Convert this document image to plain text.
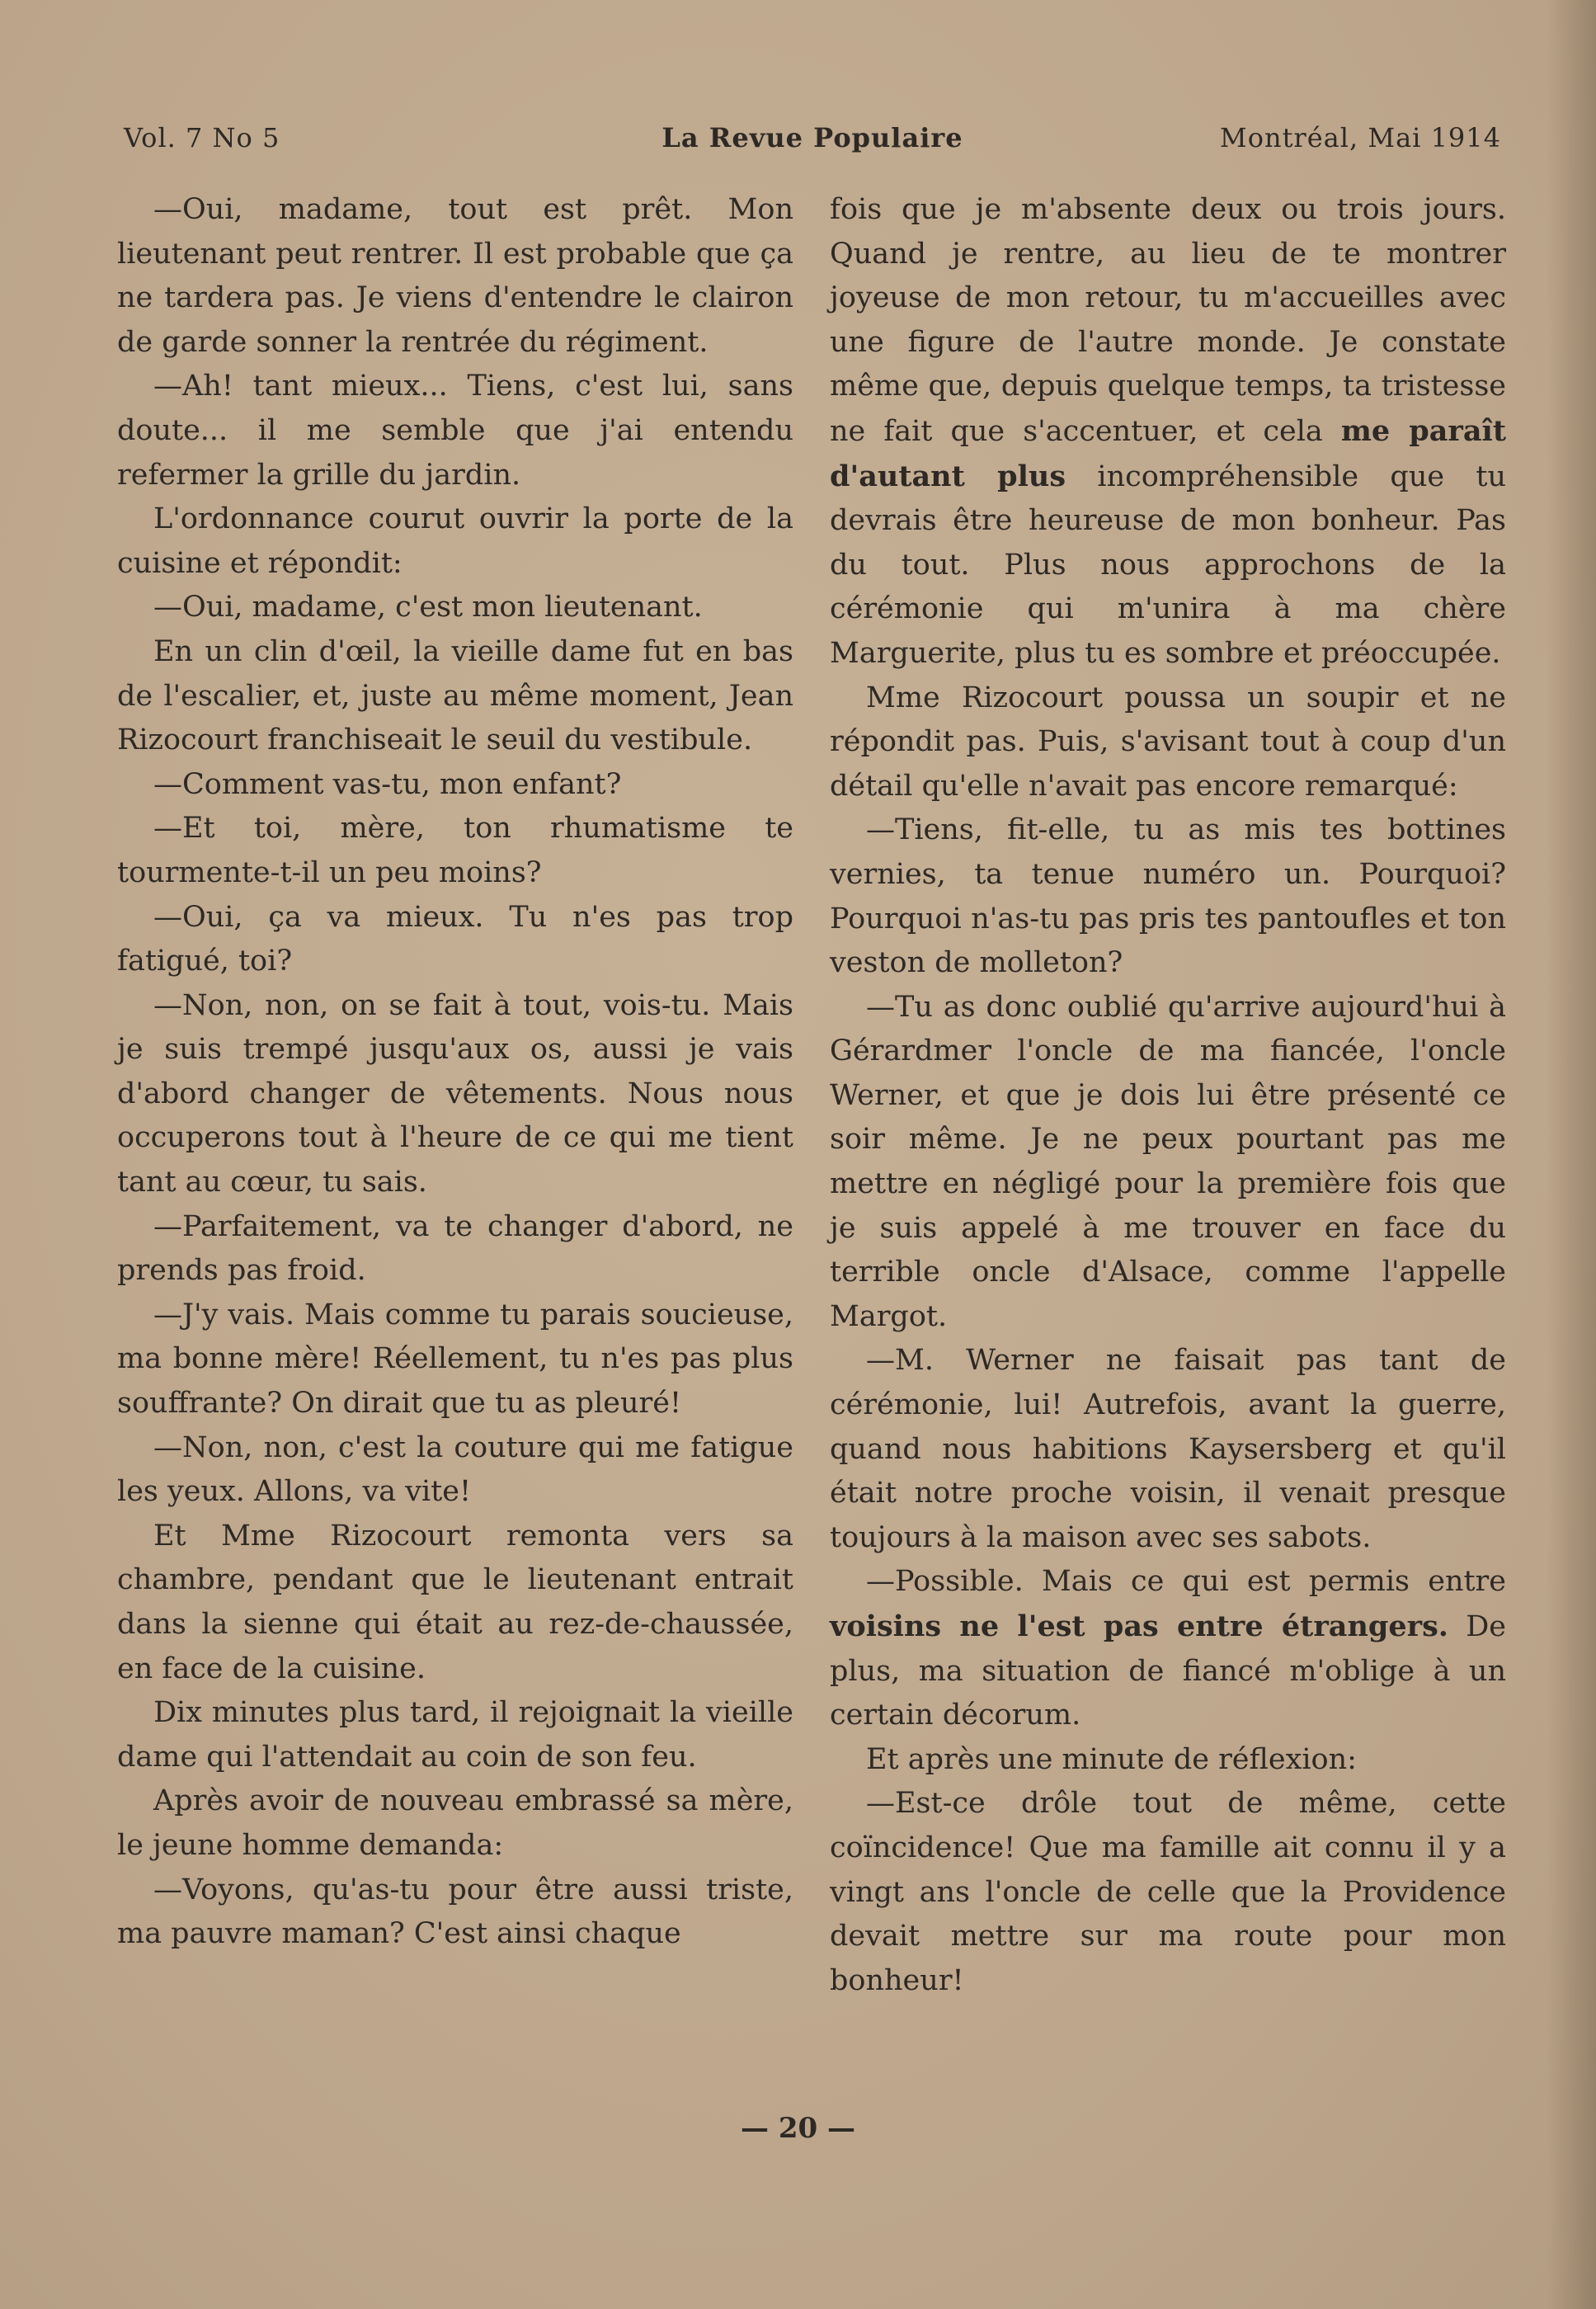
Vol. 7 No 5	La Revue Populaire	Montréal, Mai 1914

—Oui, madame, tout est prêt. Mon lieutenant peut rentrer. Il est probable que ça ne tardera pas. Je viens d'entendre le clairon de garde sonner la rentrée du régiment.

—Ah! tant mieux... Tiens, c'est lui, sans doute... il me semble que j'ai entendu refermer la grille du jardin.

L'ordonnance courut ouvrir la porte de la cuisine et répondit:

—Oui, madame, c'est mon lieutenant.

En un clin d'œil, la vieille dame fut en bas de l'escalier, et, juste au même moment, Jean Rizocourt franchiseait le seuil du vestibule.

—Comment vas-tu, mon enfant?

—Et toi, mère, ton rhumatisme te tourmente-t-il un peu moins?

—Oui, ça va mieux. Tu n'es pas trop fatigué, toi?

—Non, non, on se fait à tout, vois-tu. Mais je suis trempé jusqu'aux os, aussi je vais d'abord changer de vêtements. Nous nous occuperons tout à l'heure de ce qui me tient tant au cœur, tu sais.

—Parfaitement, va te changer d'abord, ne prends pas froid.

—J'y vais. Mais comme tu parais soucieuse, ma bonne mère! Réellement, tu n'es pas plus souffrante? On dirait que tu as pleuré!

—Non, non, c'est la couture qui me fatigue les yeux. Allons, va vite!

Et Mme Rizocourt remonta vers sa chambre, pendant que le lieutenant entrait dans la sienne qui était au rez-de-chaussée, en face de la cuisine.

Dix minutes plus tard, il rejoignait la vieille dame qui l'attendait au coin de son feu.

Après avoir de nouveau embrassé sa mère, le jeune homme demanda:

—Voyons, qu'as-tu pour être aussi triste, ma pauvre maman? C'est ainsi chaque

fois que je m'absente deux ou trois jours. Quand je rentre, au lieu de te montrer joyeuse de mon retour, tu m'accueilles avec une figure de l'autre monde. Je constate même que, depuis quelque temps, ta tristesse ne fait que s'accentuer, et cela me paraît d'autant plus incompréhensible que tu devrais être heureuse de mon bonheur. Pas du tout. Plus nous approchons de la cérémonie qui m'unira à ma chère Marguerite, plus tu es sombre et préoccupée.

Mme Rizocourt poussa un soupir et ne répondit pas. Puis, s'avisant tout à coup d'un détail qu'elle n'avait pas encore remarqué:

—Tiens, fit-elle, tu as mis tes bottines vernies, ta tenue numéro un. Pourquoi? Pourquoi n'as-tu pas pris tes pantoufles et ton veston de molleton?

—Tu as donc oublié qu'arrive aujourd'hui à Gérardmer l'oncle de ma fiancée, l'oncle Werner, et que je dois lui être présenté ce soir même. Je ne peux pourtant pas me mettre en négligé pour la première fois que je suis appelé à me trouver en face du terrible oncle d'Alsace, comme l'appelle Margot.

—M. Werner ne faisait pas tant de cérémonie, lui! Autrefois, avant la guerre, quand nous habitions Kaysersberg et qu'il était notre proche voisin, il venait presque toujours à la maison avec ses sabots.

—Possible. Mais ce qui est permis entre voisins ne l'est pas entre étrangers. De plus, ma situation de fiancé m'oblige à un certain décorum.

Et après une minute de réflexion:

—Est-ce drôle tout de même, cette coïncidence! Que ma famille ait connu il y a vingt ans l'oncle de celle que la Providence devait mettre sur ma route pour mon bonheur!

— 20 —
